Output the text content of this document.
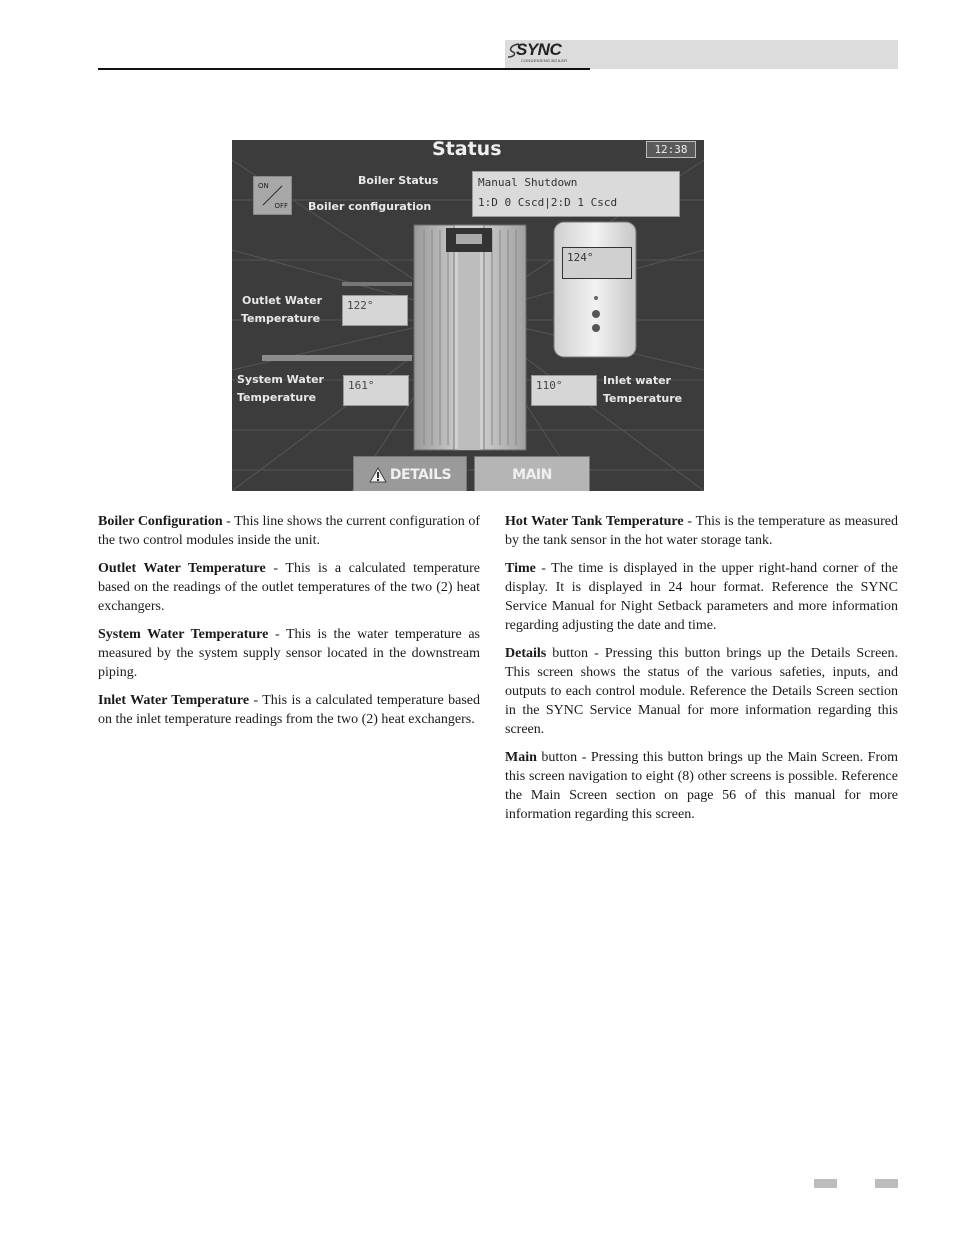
SYNC
CONDENSING BOILER
Status	12:38
ON
OFF
Boiler Status
Boiler configuration
Manual Shutdown
1:D 0 Cscd|2:D 1 Cscd
124°
Outlet Water
Temperature
122°
System Water
Temperature
161°	110°	Inlet water
Temperature
DETAILS	MAIN

Boiler Configuration - This line shows the current configuration of the two control modules inside the unit.

Outlet Water Temperature - This is a calculated temperature based on the readings of the outlet temperatures of the two (2) heat exchangers.

System Water Temperature - This is the water temperature as measured by the system supply sensor located in the downstream piping.

Inlet Water Temperature - This is a calculated temperature based on the inlet temperature readings from the two (2) heat exchangers.

Hot Water Tank Temperature - This is the temperature as measured by the tank sensor in the hot water storage tank.

Time - The time is displayed in the upper right-hand corner of the display. It is displayed in 24 hour format. Reference the SYNC Service Manual for Night Setback parameters and more information regarding adjusting the date and time.

Details button - Pressing this button brings up the Details Screen. This screen shows the status of the various safeties, inputs, and outputs to each control module. Reference the Details Screen section in the SYNC Service Manual for more information regarding this screen.

Main button - Pressing this button brings up the Main Screen. From this screen navigation to eight (8) other screens is possible. Reference the Main Screen section on page 56 of this manual for more information regarding this screen.
